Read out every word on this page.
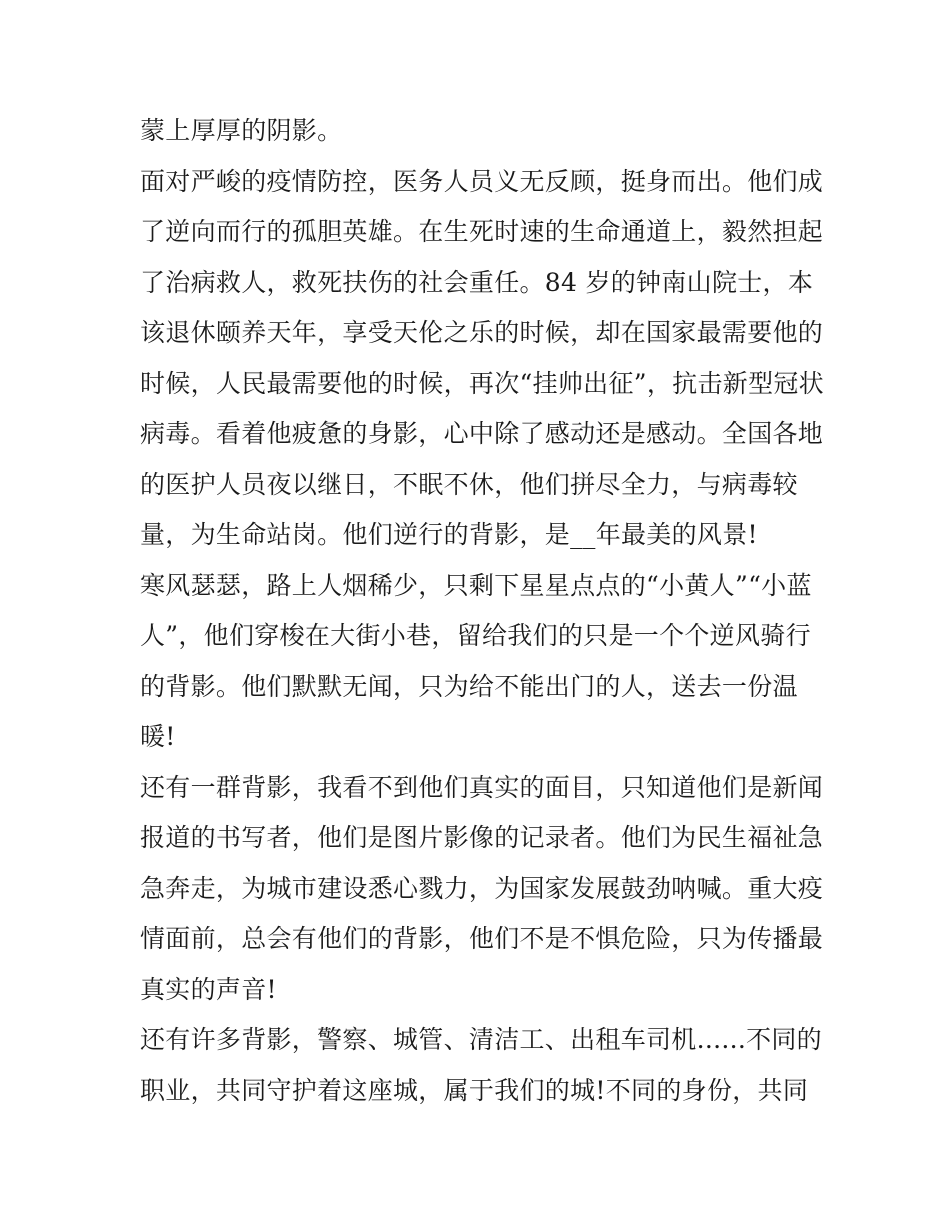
蒙上厚厚的阴影。
面对严峻的疫情防控，医务人员义无反顾，挺身而出。他们成
了逆向而行的孤胆英雄。在生死时速的生命通道上，毅然担起
了治病救人，救死扶伤的社会重任。84 岁的钟南山院士，本
该退休颐养天年，享受天伦之乐的时候，却在国家最需要他的
时候，人民最需要他的时候，再次“挂帅出征”，抗击新型冠状
病毒。看着他疲惫的身影，心中除了感动还是感动。全国各地
的医护人员夜以继日，不眠不休，他们拼尽全力，与病毒较
量，为生命站岗。他们逆行的背影，是__年最美的风景!
寒风瑟瑟，路上人烟稀少，只剩下星星点点的“小黄人”“小蓝
人”，他们穿梭在大街小巷，留给我们的只是一个个逆风骑行
的背影。他们默默无闻，只为给不能出门的人，送去一份温
暖!
还有一群背影，我看不到他们真实的面目，只知道他们是新闻
报道的书写者，他们是图片影像的记录者。他们为民生福祉急
急奔走，为城市建设悉心戮力，为国家发展鼓劲呐喊。重大疫
情面前，总会有他们的背影，他们不是不惧危险，只为传播最
真实的声音!
还有许多背影，警察、城管、清洁工、出租车司机......不同的
职业，共同守护着这座城，属于我们的城!不同的身份，共同
